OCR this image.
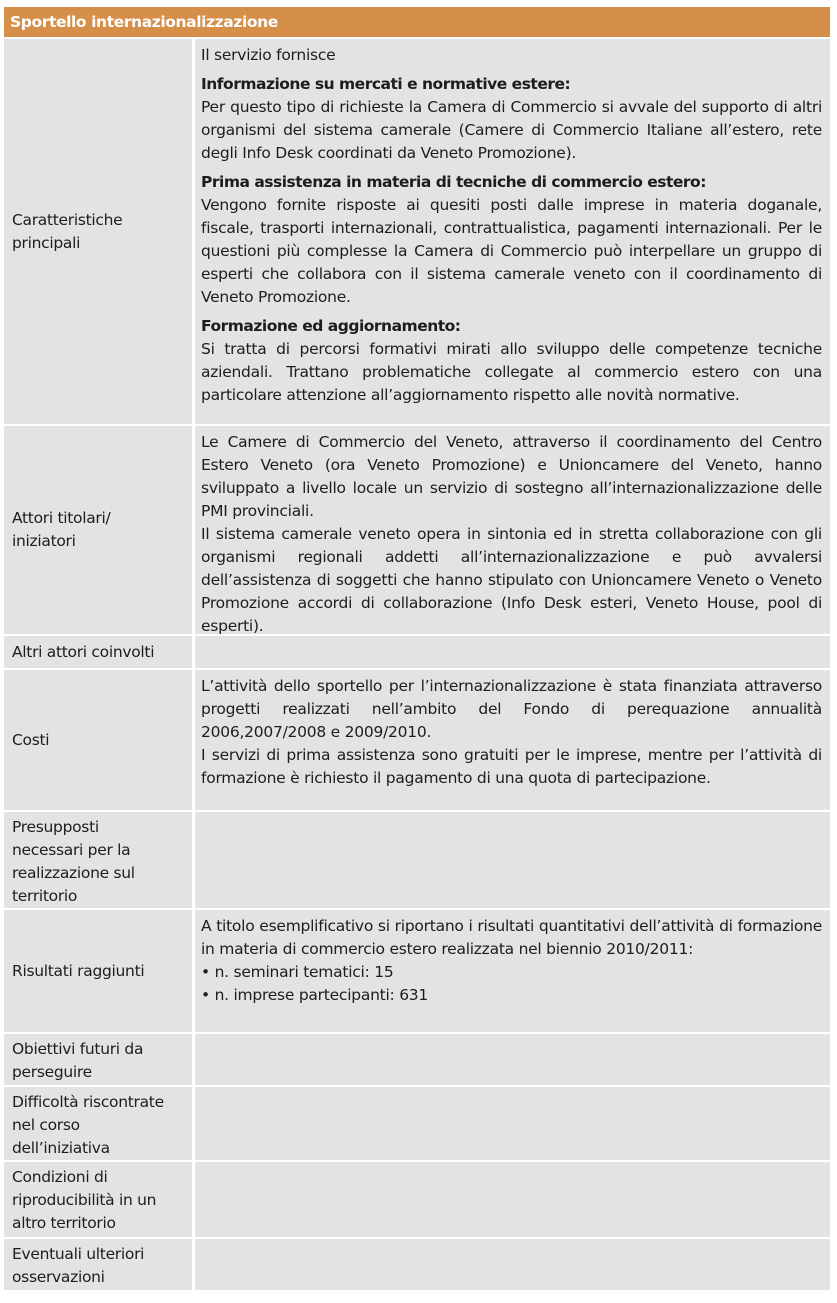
Sportello internazionalizzazione
Caratteristiche principali

Il servizio fornisce

Informazione su mercati e normative estere:

Per questo tipo di richieste la Camera di Commercio si avvale del supporto di altri organismi del sistema camerale (Camere di Commercio Italiane all’estero, rete degli Info Desk coordinati da Veneto Promozione).

Prima assistenza in materia di tecniche di commercio estero:

Vengono fornite risposte ai quesiti posti dalle imprese in materia doganale, fiscale, trasporti internazionali, contrattualistica, pagamenti internazionali. Per le questioni più complesse la Camera di Commercio può interpellare un gruppo di esperti che collabora con il sistema camerale veneto con il coordinamento di Veneto Promozione.

Formazione ed aggiornamento:

Si tratta di percorsi formativi mirati allo sviluppo delle competenze tecniche aziendali. Trattano problematiche collegate al commercio estero con una particolare attenzione all’aggiornamento rispetto alle novità normative.

Attori titolari/ iniziatori

Le Camere di Commercio del Veneto, attraverso il coordinamento del Centro Estero Veneto (ora Veneto Promozione) e Unioncamere del Veneto, hanno sviluppato a livello locale un servizio di sostegno all’internazionalizzazione delle PMI provinciali.

Il sistema camerale veneto opera in sintonia ed in stretta collaborazione con gli organismi regionali addetti all’internazionalizzazione e può avvalersi dell’assistenza di soggetti che hanno stipulato con Unioncamere Veneto o Veneto Promozione accordi di collaborazione (Info Desk esteri, Veneto House, pool di esperti).

Altri attori coinvolti
Costi

L’attività dello sportello per l’internazionalizzazione è stata finanziata attraverso progetti realizzati nell’ambito del Fondo di perequazione annualità 2006,2007/2008 e 2009/2010.

I servizi di prima assistenza sono gratuiti per le imprese, mentre per l’attività di formazione è richiesto il pagamento di una quota di partecipazione.

Presupposti necessari per la realizzazione sul territorio
Risultati raggiunti

A titolo esemplificativo si riportano i risultati quantitativi dell’attività di formazione in materia di commercio estero realizzata nel biennio 2010/2011:

• n. seminari tematici: 15

• n. imprese partecipanti: 631

Obiettivi futuri da perseguire
Difficoltà riscontrate nel corso dell’iniziativa
Condizioni di riproducibilità in un altro territorio
Eventuali ulteriori osservazioni
